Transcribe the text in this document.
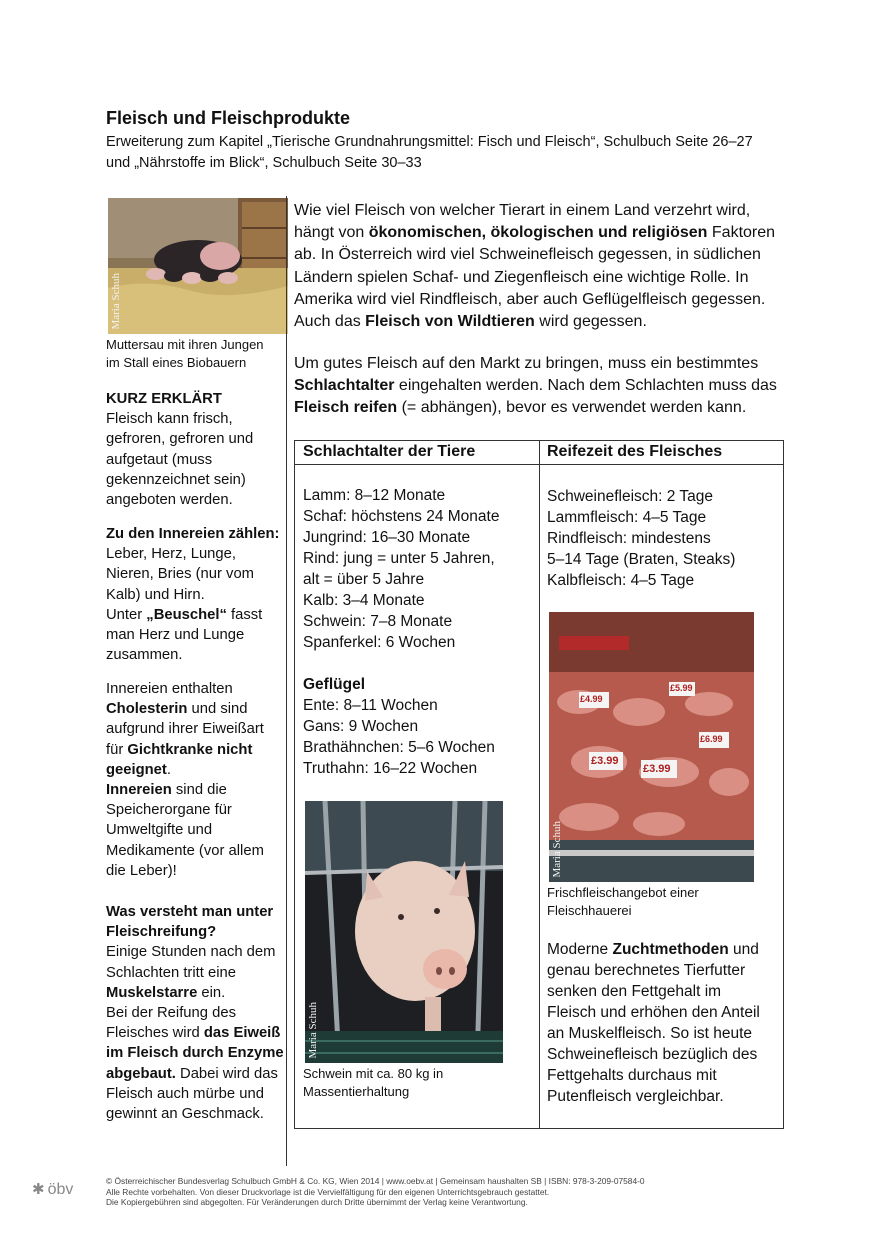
Fleisch und Fleischprodukte
Erweiterung zum Kapitel „Tierische Grundnahrungsmittel: Fisch und Fleisch“, Schulbuch Seite 26–27
und „Nährstoffe im Blick“, Schulbuch Seite 30–33
Maria Schuh
Muttersau mit ihren Jungen
im Stall eines Biobauern
KURZ ERKLÄRT
Fleisch kann frisch,
gefroren, gefroren und
aufgetaut (muss
gekennzeichnet sein)
angeboten werden.
Zu den Innereien zählen:
Leber, Herz, Lunge,
Nieren, Bries (nur vom
Kalb) und Hirn.
Unter „Beuschel“ fasst
man Herz und Lunge
zusammen.
Innereien enthalten
Cholesterin und sind
aufgrund ihrer Eiweißart
für Gichtkranke nicht
geeignet.
Innereien sind die
Speicherorgane für
Umweltgifte und
Medikamente (vor allem
die Leber)!
Was versteht man unter
Fleischreifung?
Einige Stunden nach dem
Schlachten tritt eine
Muskelstarre ein.
Bei der Reifung des
Fleisches wird das Eiweiß
im Fleisch durch Enzyme
abgebaut. Dabei wird das
Fleisch auch mürbe und
gewinnt an Geschmack.
Wie viel Fleisch von welcher Tierart in einem Land verzehrt wird,
hängt von ökonomischen, ökologischen und religiösen Faktoren
ab. In Österreich wird viel Schweinefleisch gegessen, in südlichen
Ländern spielen Schaf- und Ziegenfleisch eine wichtige Rolle. In
Amerika wird viel Rindfleisch, aber auch Geflügelfleisch gegessen.
Auch das Fleisch von Wildtieren wird gegessen.
Um gutes Fleisch auf den Markt zu bringen, muss ein bestimmtes
Schlachtalter eingehalten werden. Nach dem Schlachten muss das
Fleisch reifen (= abhängen), bevor es verwendet werden kann.
Schlachtalter der Tiere	Reifezeit des Fleisches
Lamm: 8–12 Monate
Schaf: höchstens 24 Monate
Jungrind: 16–30 Monate
Rind: jung = unter 5 Jahren,
alt = über 5 Jahre
Kalb: 3–4 Monate
Schwein: 7–8 Monate
Spanferkel: 6 Wochen
Geflügel
Ente: 8–11 Wochen
Gans: 9 Wochen
Brathähnchen: 5–6 Wochen
Truthahn: 16–22 Wochen
Maria Schuh
Schwein mit ca. 80 kg in
Massentierhaltung
Schweinefleisch: 2 Tage
Lammfleisch: 4–5 Tage
Rindfleisch: mindestens
5–14 Tage (Braten, Steaks)
Kalbfleisch: 4–5 Tage
£3.99
£3.99
£4.99
£5.99
£6.99
Maria Schuh
Frischfleischangebot einer
Fleischhauerei
Moderne Zuchtmethoden und
genau berechnetes Tierfutter
senken den Fettgehalt im
Fleisch und erhöhen den Anteil
an Muskelfleisch. So ist heute
Schweinefleisch bezüglich des
Fettgehalts durchaus mit
Putenfleisch vergleichbar.
✱ öbv	© Österreichischer Bundesverlag Schulbuch GmbH & Co. KG, Wien 2014 | www.oebv.at | Gemeinsam haushalten SB | ISBN: 978-3-209-07584-0
Alle Rechte vorbehalten. Von dieser Druckvorlage ist die Vervielfältigung für den eigenen Unterrichtsgebrauch gestattet.
Die Kopiergebühren sind abgegolten. Für Veränderungen durch Dritte übernimmt der Verlag keine Verantwortung.
